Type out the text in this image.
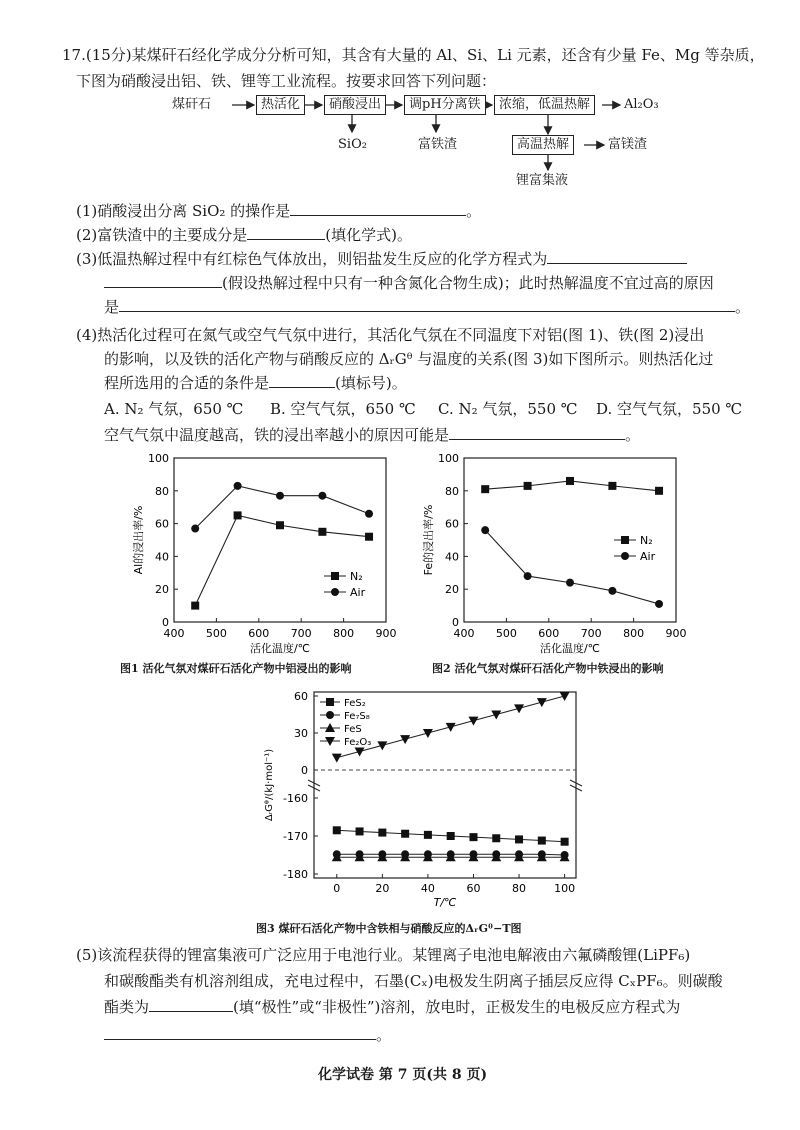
17.(15分)某煤矸石经化学成分分析可知，其含有大量的 Al、Si、Li 元素，还含有少量 Fe、Mg 等杂质，
下图为硝酸浸出铝、铁、锂等工业流程。按要求回答下列问题：
煤矸石	热活化	硝酸浸出	调pH分离铁	浓缩，低温热解	Al₂O₃
SiO₂	富铁渣	高温热解	富镁渣
锂富集液
(1)硝酸浸出分离 SiO₂ 的操作是	。
(2)富铁渣中的主要成分是	(填化学式)。
(3)低温热解过程中有红棕色气体放出，则铝盐发生反应的化学方程式为
(假设热解过程中只有一种含氮化合物生成)；此时热解温度不宜过高的原因
是	。
(4)热活化过程可在氮气或空气气氛中进行，其活化气氛在不同温度下对铝(图 1)、铁(图 2)浸出
的影响，以及铁的活化产物与硝酸反应的 ΔᵣGᶿ 与温度的关系(图 3)如下图所示。则热活化过
程所选用的合适的条件是	(填标号)。
A. N₂ 气氛，650 ℃ B. 空气气氛，650 ℃ C. N₂ 气氛，550 ℃ D. 空气气氛，550 ℃
空气气氛中温度越高，铁的浸出率越小的原因可能是	。
400 500 600 700 800 900
0
20
40
60
80
100
活化温度/℃
Al的浸出率/%
N₂
Air
图1 活化气氛对煤矸石活化产物中铝浸出的影响
400 500 600 700 800 900
0
20
40
60
80
100
活化温度/℃
Fe的浸出率/%	N₂
Air
图2 活化气氛对煤矸石活化产物中铁浸出的影响
0	20	40	60	80	100
60
30
0
-160
-170
-180
T/℃
ΔᵣGᶿ/(kJ·mol⁻¹)
FeS₂
Fe₇S₈
FeS
Fe₂O₃
图3 煤矸石活化产物中含铁相与硝酸反应的ΔᵣGᶿ−T图
(5)该流程获得的锂富集液可广泛应用于电池行业。某锂离子电池电解液由六氟磷酸锂(LiPF₆)
和碳酸酯类有机溶剂组成，充电过程中，石墨(Cₓ)电极发生阴离子插层反应得 CₓPF₆。则碳酸
酯类为	(填“极性”或“非极性”)溶剂，放电时，正极发生的电极反应方程式为
。
化学试卷 第 7 页(共 8 页)
